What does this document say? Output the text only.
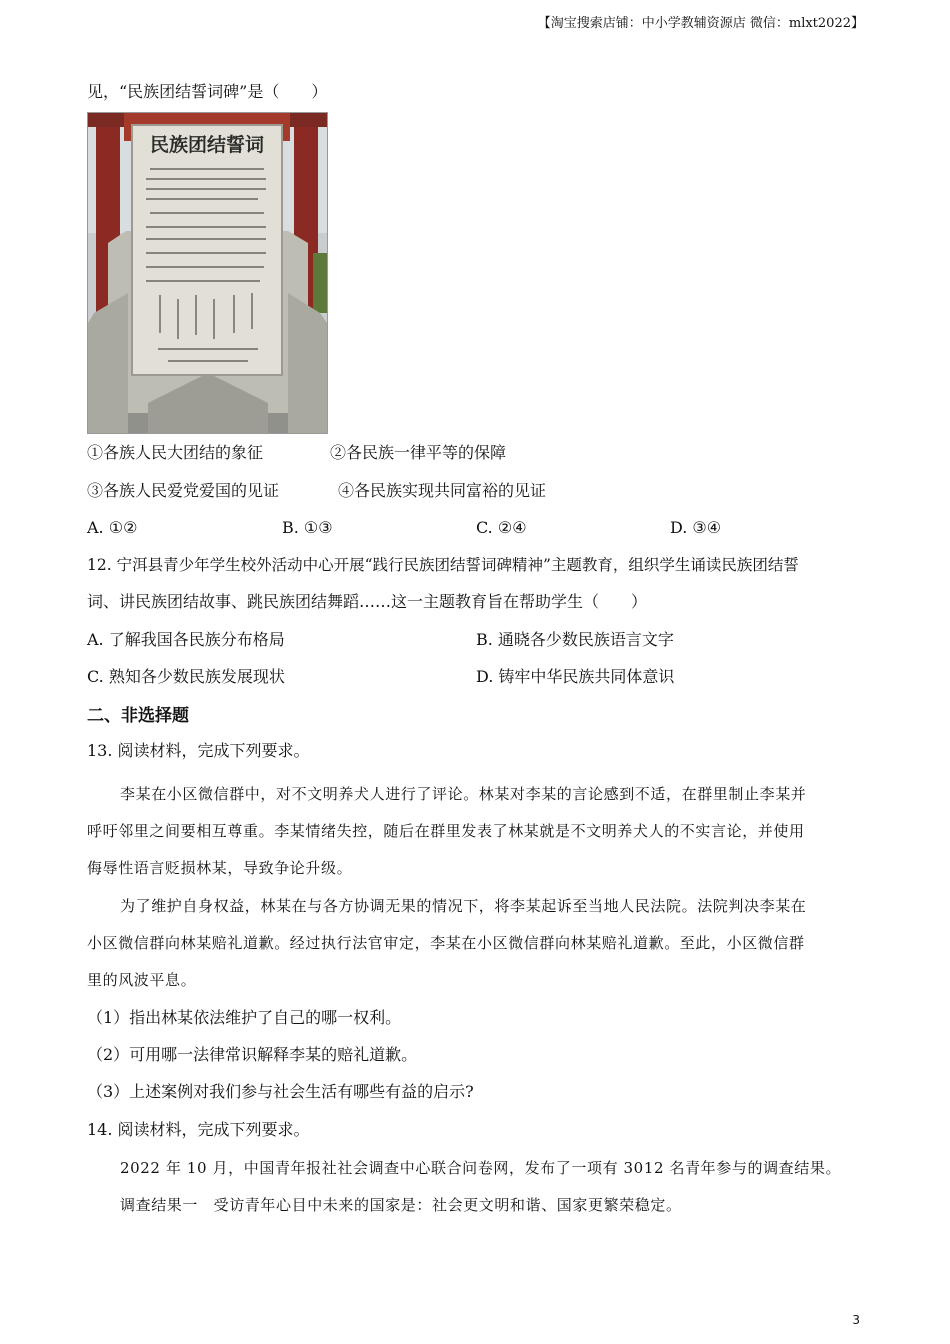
【淘宝搜索店铺：中小学教辅资源店 微信：mlxt2022】
见，“民族团结誓词碑”是（　　）
民族团结誓词
①各族人民大团结的象征	②各民族一律平等的保障
③各族人民爱党爱国的见证	④各民族实现共同富裕的见证
A. ①②	B. ①③	C. ②④	D. ③④
12. 宁洱县青少年学生校外活动中心开展“践行民族团结誓词碑精神”主题教育，组织学生诵读民族团结誓
词、讲民族团结故事、跳民族团结舞蹈……这一主题教育旨在帮助学生（　　）
A. 了解我国各民族分布格局	B. 通晓各少数民族语言文字
C. 熟知各少数民族发展现状	D. 铸牢中华民族共同体意识
二、非选择题
13. 阅读材料，完成下列要求。
李某在小区微信群中，对不文明养犬人进行了评论。林某对李某的言论感到不适，在群里制止李某并
呼吁邻里之间要相互尊重。李某情绪失控，随后在群里发表了林某就是不文明养犬人的不实言论，并使用
侮辱性语言贬损林某，导致争论升级。
为了维护自身权益，林某在与各方协调无果的情况下，将李某起诉至当地人民法院。法院判决李某在
小区微信群向林某赔礼道歉。经过执行法官审定，李某在小区微信群向林某赔礼道歉。至此，小区微信群
里的风波平息。
（1）指出林某依法维护了自己的哪一权利。
（2）可用哪一法律常识解释李某的赔礼道歉。
（3）上述案例对我们参与社会生活有哪些有益的启示?
14. 阅读材料，完成下列要求。
2022 年 10 月，中国青年报社社会调查中心联合问卷网，发布了一项有 3012 名青年参与的调查结果。
调查结果一　受访青年心目中未来的国家是：社会更文明和谐、国家更繁荣稳定。
3
